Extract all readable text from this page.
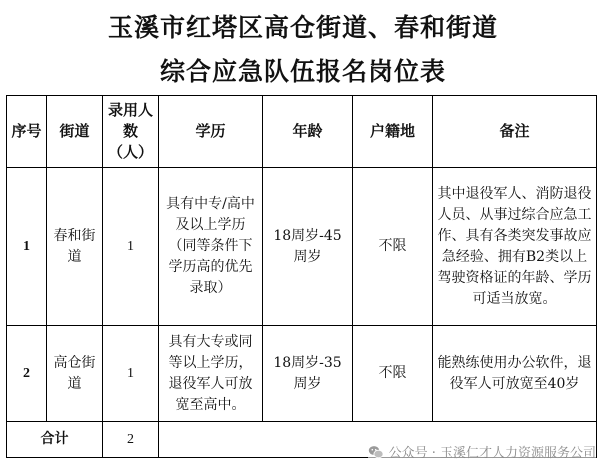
玉溪市红塔区高仓街道、春和街道
综合应急队伍报名岗位表
序号	街道	录用人数（人）	学历	年龄	户籍地	备注
1	春和街道	1	具有中专/高中及以上学历（同等条件下学历高的优先录取）	18周岁-45周岁	不限	其中退役军人、消防退役人员、从事过综合应急工作、具有各类突发事故应急经验、拥有B2类以上驾驶资格证的年龄、学历可适当放宽。
2	高仓街道	1	具有大专或同等以上学历，退役军人可放宽至高中。	18周岁-35周岁	不限	能熟练使用办公软件，退役军人可放宽至40岁
合计		2				
公众号 · 玉溪仁才人力资源服务公司
